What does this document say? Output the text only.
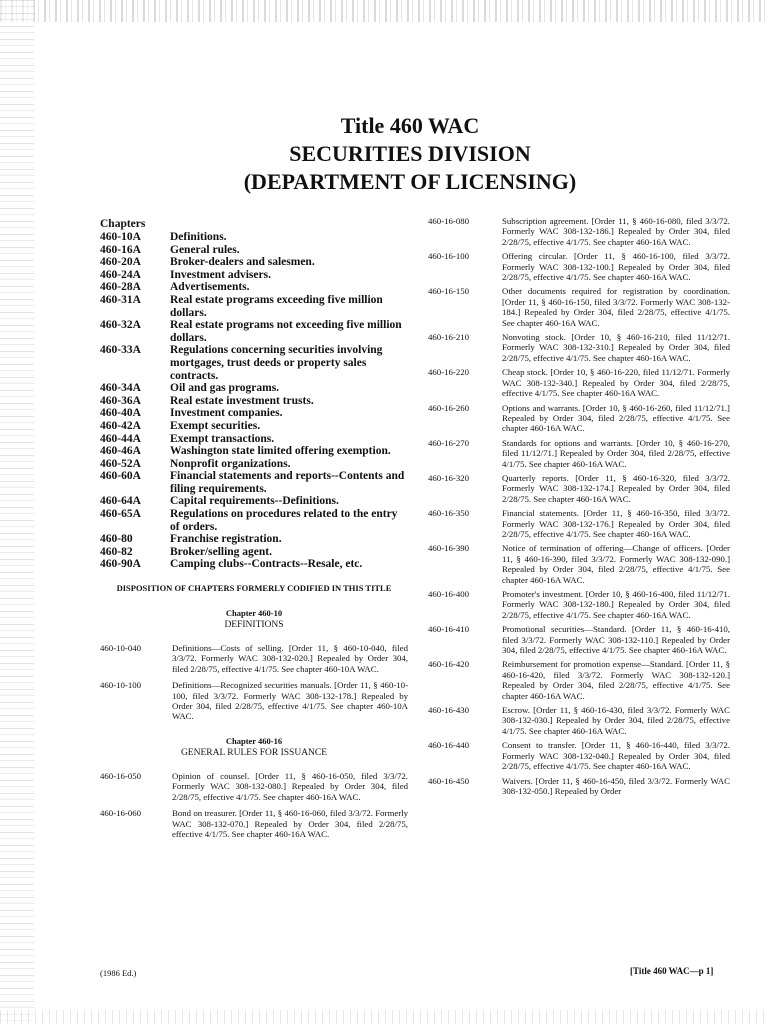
Title 460 WAC
SECURITIES DIVISION
(DEPARTMENT OF LICENSING)
Chapters
460-10A	Definitions.
460-16A	General rules.
460-20A	Broker-dealers and salesmen.
460-24A	Investment advisers.
460-28A	Advertisements.
460-31A	Real estate programs exceeding five million dollars.
460-32A	Real estate programs not exceeding five million dollars.
460-33A	Regulations concerning securities involving mortgages, trust deeds or property sales contracts.
460-34A	Oil and gas programs.
460-36A	Real estate investment trusts.
460-40A	Investment companies.
460-42A	Exempt securities.
460-44A	Exempt transactions.
460-46A	Washington state limited offering exemption.
460-52A	Nonprofit organizations.
460-60A	Financial statements and reports--Contents and filing requirements.
460-64A	Capital requirements--Definitions.
460-65A	Regulations on procedures related to the entry of orders.
460-80	Franchise registration.
460-82	Broker/selling agent.
460-90A	Camping clubs--Contracts--Resale, etc.
DISPOSITION OF CHAPTERS FORMERLY CODIFIED IN THIS TITLE
Chapter 460-10
DEFINITIONS
460-10-040	Definitions—Costs of selling. [Order 11, § 460-10-040, filed 3/3/72. Formerly WAC 308-132-020.] Repealed by Order 304, filed 2/28/75, effective 4/1/75. See chapter 460-10A WAC.
460-10-100	Definitions—Recognized securities manuals. [Order 11, § 460-10-100, filed 3/3/72. Formerly WAC 308-132-178.] Repealed by Order 304, filed 2/28/75, effective 4/1/75. See chapter 460-10A WAC.
Chapter 460-16
GENERAL RULES FOR ISSUANCE
460-16-050	Opinion of counsel. [Order 11, § 460-16-050, filed 3/3/72. Formerly WAC 308-132-080.] Repealed by Order 304, filed 2/28/75, effective 4/1/75. See chapter 460-16A WAC.
460-16-060	Bond on treasurer. [Order 11, § 460-16-060, filed 3/3/72. Formerly WAC 308-132-070.] Repealed by Order 304, filed 2/28/75, effective 4/1/75. See chapter 460-16A WAC.
460-16-080	Subscription agreement. [Order 11, § 460-16-080, filed 3/3/72. Formerly WAC 308-132-186.] Repealed by Order 304, filed 2/28/75, effective 4/1/75. See chapter 460-16A WAC.
460-16-100	Offering circular. [Order 11, § 460-16-100, filed 3/3/72. Formerly WAC 308-132-100.] Repealed by Order 304, filed 2/28/75, effective 4/1/75. See chapter 460-16A WAC.
460-16-150	Other documents required for registration by coordination. [Order 11, § 460-16-150, filed 3/3/72. Formerly WAC 308-132-184.] Repealed by Order 304, filed 2/28/75, effective 4/1/75. See chapter 460-16A WAC.
460-16-210	Nonvoting stock. [Order 10, § 460-16-210, filed 11/12/71. Formerly WAC 308-132-310.] Repealed by Order 304, filed 2/28/75, effective 4/1/75. See chapter 460-16A WAC.
460-16-220	Cheap stock. [Order 10, § 460-16-220, filed 11/12/71. Formerly WAC 308-132-340.] Repealed by Order 304, filed 2/28/75, effective 4/1/75. See chapter 460-16A WAC.
460-16-260	Options and warrants. [Order 10, § 460-16-260, filed 11/12/71.] Repealed by Order 304, filed 2/28/75, effective 4/1/75. See chapter 460-16A WAC.
460-16-270	Standards for options and warrants. [Order 10, § 460-16-270, filed 11/12/71.] Repealed by Order 304, filed 2/28/75, effective 4/1/75. See chapter 460-16A WAC.
460-16-320	Quarterly reports. [Order 11, § 460-16-320, filed 3/3/72. Formerly WAC 308-132-174.] Repealed by Order 304, filed 2/28/75. See chapter 460-16A WAC.
460-16-350	Financial statements. [Order 11, § 460-16-350, filed 3/3/72. Formerly WAC 308-132-176.] Repealed by Order 304, filed 2/28/75, effective 4/1/75. See chapter 460-16A WAC.
460-16-390	Notice of termination of offering—Change of officers. [Order 11, § 460-16-390, filed 3/3/72. Formerly WAC 308-132-090.] Repealed by Order 304, filed 2/28/75, effective 4/1/75. See chapter 460-16A WAC.
460-16-400	Promoter's investment. [Order 10, § 460-16-400, filed 11/12/71. Formerly WAC 308-132-180.] Repealed by Order 304, filed 2/28/75, effective 4/1/75. See chapter 460-16A WAC.
460-16-410	Promotional securities—Standard. [Order 11, § 460-16-410, filed 3/3/72. Formerly WAC 308-132-110.] Repealed by Order 304, filed 2/28/75, effective 4/1/75. See chapter 460-16A WAC.
460-16-420	Reimbursement for promotion expense—Standard. [Order 11, § 460-16-420, filed 3/3/72. Formerly WAC 308-132-120.] Repealed by Order 304, filed 2/28/75, effective 4/1/75. See chapter 460-16A WAC.
460-16-430	Escrow. [Order 11, § 460-16-430, filed 3/3/72. Formerly WAC 308-132-030.] Repealed by Order 304, filed 2/28/75, effective 4/1/75. See chapter 460-16A WAC.
460-16-440	Consent to transfer. [Order 11, § 460-16-440, filed 3/3/72. Formerly WAC 308-132-040.] Repealed by Order 304, filed 2/28/75, effective 4/1/75. See chapter 460-16A WAC.
460-16-450	Waivers. [Order 11, § 460-16-450, filed 3/3/72. Formerly WAC 308-132-050.] Repealed by Order
(1986 Ed.)	[Title 460 WAC—p 1]
